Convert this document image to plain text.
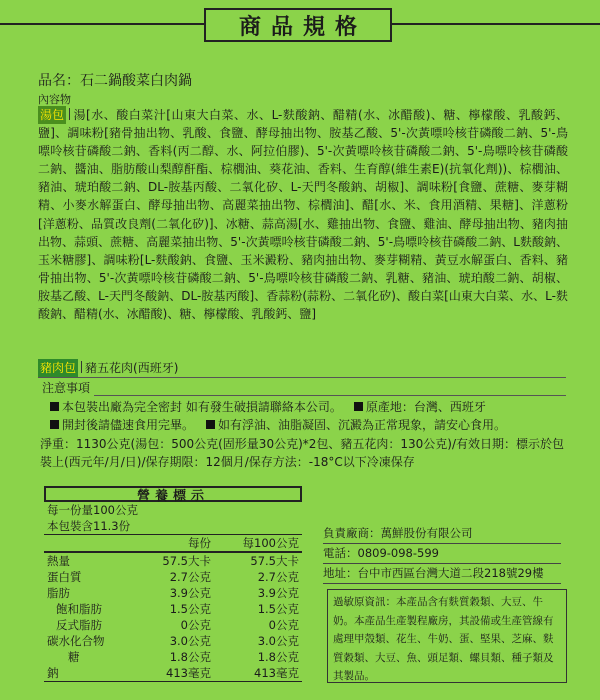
商品規格
品名：石二鍋酸菜白肉鍋
內容物
湯包 湯[水、酸白菜汁[山東大白菜、水、L-麩酸鈉、醋精(水、冰醋酸)、糖、檸檬酸、乳酸鈣、鹽]、調味粉[豬骨抽出物、乳酸、食鹽、酵母抽出物、胺基乙酸、5'-次黃嘌呤核苷磷酸二鈉、5'-鳥嘌呤核苷磷酸二鈉、香料(丙二醇、水、阿拉伯膠)、5'-次黃嘌呤核苷磷酸二鈉、5'-鳥嘌呤核苷磷酸二鈉、醬油、脂肪酸山梨醇酐酯、棕櫚油、葵花油、香料、生育醇(維生素E)(抗氧化劑))、棕櫚油、豬油、琥珀酸二鈉、DL-胺基丙酸、二氧化矽、L-天門冬酸鈉、胡椒]、調味粉[食鹽、蔗糖、麥芽糊精、小麥水解蛋白、酵母抽出物、高麗菜抽出物、棕櫚油]、醋[水、米、食用酒精、果糖]、洋蔥粉[洋蔥粉、品質改良劑(二氧化矽)]、冰糖、蒜高湯[水、雞抽出物、食鹽、雞油、酵母抽出物、豬肉抽出物、蒜頭、蔗糖、高麗菜抽出物、5'-次黃嘌呤核苷磷酸二鈉、5'-鳥嘌呤核苷磷酸二鈉、L麩酸鈉、玉米糖膠]、調味粉[L-麩酸鈉、食鹽、玉米澱粉、豬肉抽出物、麥芽糊精、黃豆水解蛋白、香料、豬骨抽出物、5'-次黃嘌呤核苷磷酸二鈉、5'-鳥嘌呤核苷磷酸二鈉、乳糖、豬油、琥珀酸二鈉、胡椒、胺基乙酸、L-天門冬酸鈉、DL-胺基丙酸]、香蒜粉(蒜粉、二氧化矽)、酸白菜[山東大白菜、水、L-麩酸鈉、醋精(水、冰醋酸)、糖、檸檬酸、乳酸鈣、鹽]
豬肉包 豬五花肉(西班牙)
注意事項
本包裝出廠為完全密封 如有發生破損請聯絡本公司。 原產地：台灣、西班牙
開封後請儘速食用完畢。 如有浮油、油脂凝固、沉澱為正常現象，請安心食用。
淨重：1130公克(湯包：500公克(固形量30公克)*2包、豬五花肉：130公克)/有效日期：標示於包裝上(西元年/月/日)/保存期限：12個月/保存方法：-18°C以下冷凍保存
營養標示
每一份量100公克
本包裝含11.3份
	每份	每100公克
熱量	57.5大卡	57.5大卡
蛋白質	2.7公克	2.7公克
脂肪	3.9公克	3.9公克
飽和脂肪	1.5公克	1.5公克
反式脂肪	0公克	0公克
碳水化合物	3.0公克	3.0公克
糖	1.8公克	1.8公克
鈉	413毫克	413毫克
負責廠商：萬鮮股份有限公司
電話：0809-098-599
地址：台中市西區台灣大道二段218號29樓
過敏原資訊：本產品含有麩質穀類、大豆、牛奶。本產品生產製程廠房，其設備或生產管線有處理甲殼類、花生、牛奶、蛋、堅果、芝麻、麩質穀類、大豆、魚、頭足類、螺貝類、種子類及其製品。
